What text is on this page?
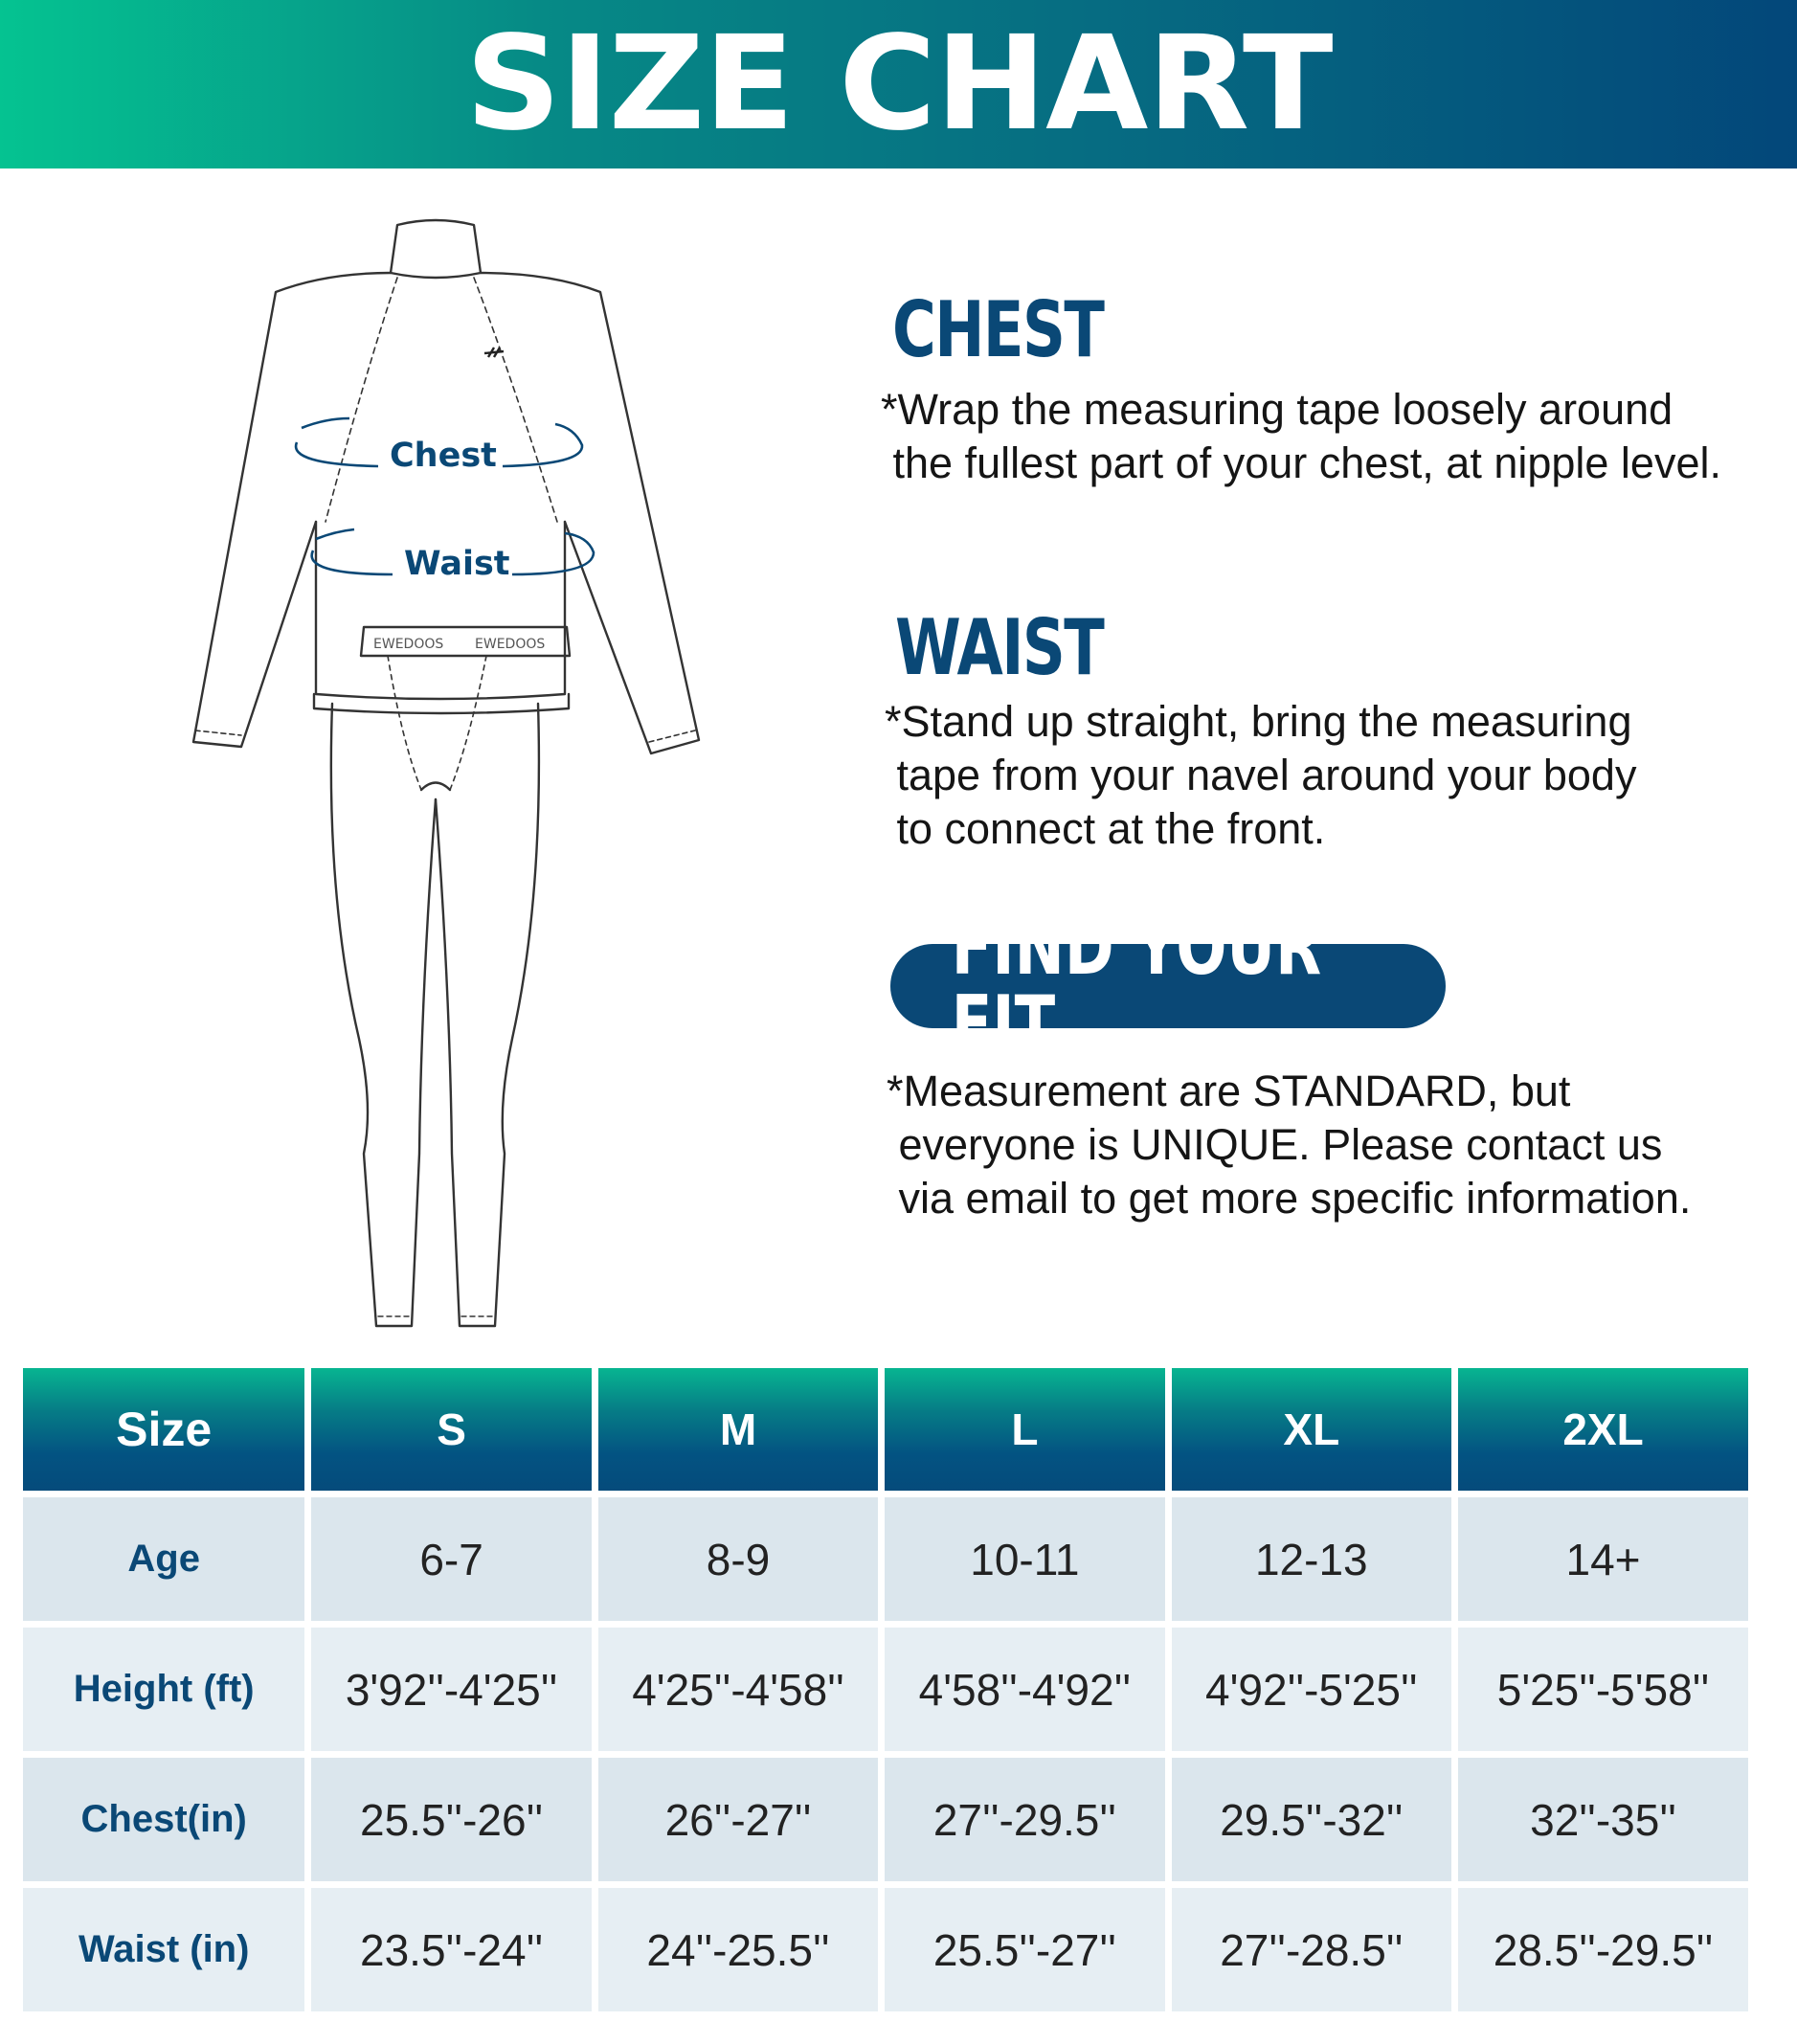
SIZE CHART
Chest
Waist
EWEDOOS EWEDOOS
CHEST
*Wrap the measuring tape loosely around
the fullest part of your chest, at nipple level.
WAIST
*Stand up straight, bring the measuring
tape from your navel around your body
to connect at the front.
FIND YOUR FIT
*Measurement are STANDARD, but
everyone is UNIQUE. Please contact us
via email to get more specific information.
Size	S	M	L	XL	2XL
Age	6-7	8-9	10-11	12-13	14+
Height (ft)	3'92''-4'25''	4'25''-4'58''	4'58''-4'92''	4'92''-5'25''	5'25''-5'58''
Chest(in)	25.5''-26''	26''-27''	27''-29.5''	29.5''-32''	32''-35''
Waist (in)	23.5''-24''	24''-25.5''	25.5''-27''	27''-28.5''	28.5''-29.5''
